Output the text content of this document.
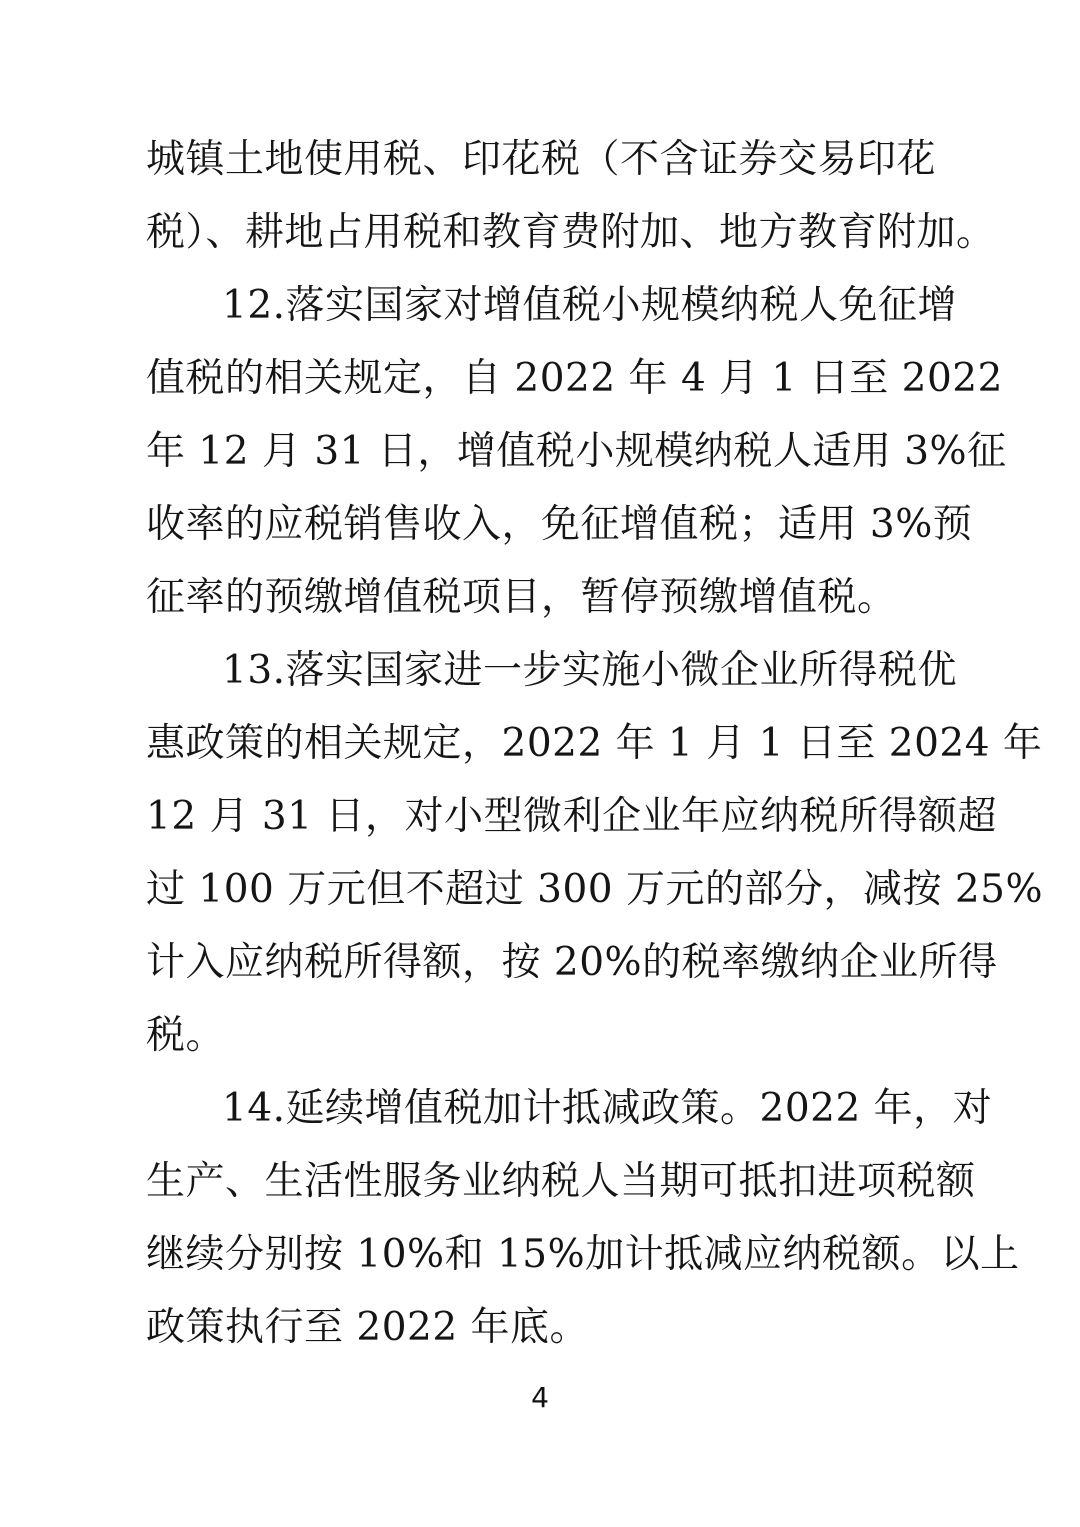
城镇土地使用税、印花税（不含证券交易印花
税）、耕地占用税和教育费附加、地方教育附加。
12.落实国家对增值税小规模纳税人免征增
值税的相关规定，自 2022 年 4 月 1 日至 2022
年 12 月 31 日，增值税小规模纳税人适用 3%征
收率的应税销售收入，免征增值税；适用 3%预
征率的预缴增值税项目，暂停预缴增值税。
13.落实国家进一步实施小微企业所得税优
惠政策的相关规定，2022 年 1 月 1 日至 2024 年
12 月 31 日，对小型微利企业年应纳税所得额超
过 100 万元但不超过 300 万元的部分，减按 25%
计入应纳税所得额，按 20%的税率缴纳企业所得
税。
14.延续增值税加计抵减政策。2022 年，对
生产、生活性服务业纳税人当期可抵扣进项税额
继续分别按 10%和 15%加计抵减应纳税额。以上
政策执行至 2022 年底。
4
